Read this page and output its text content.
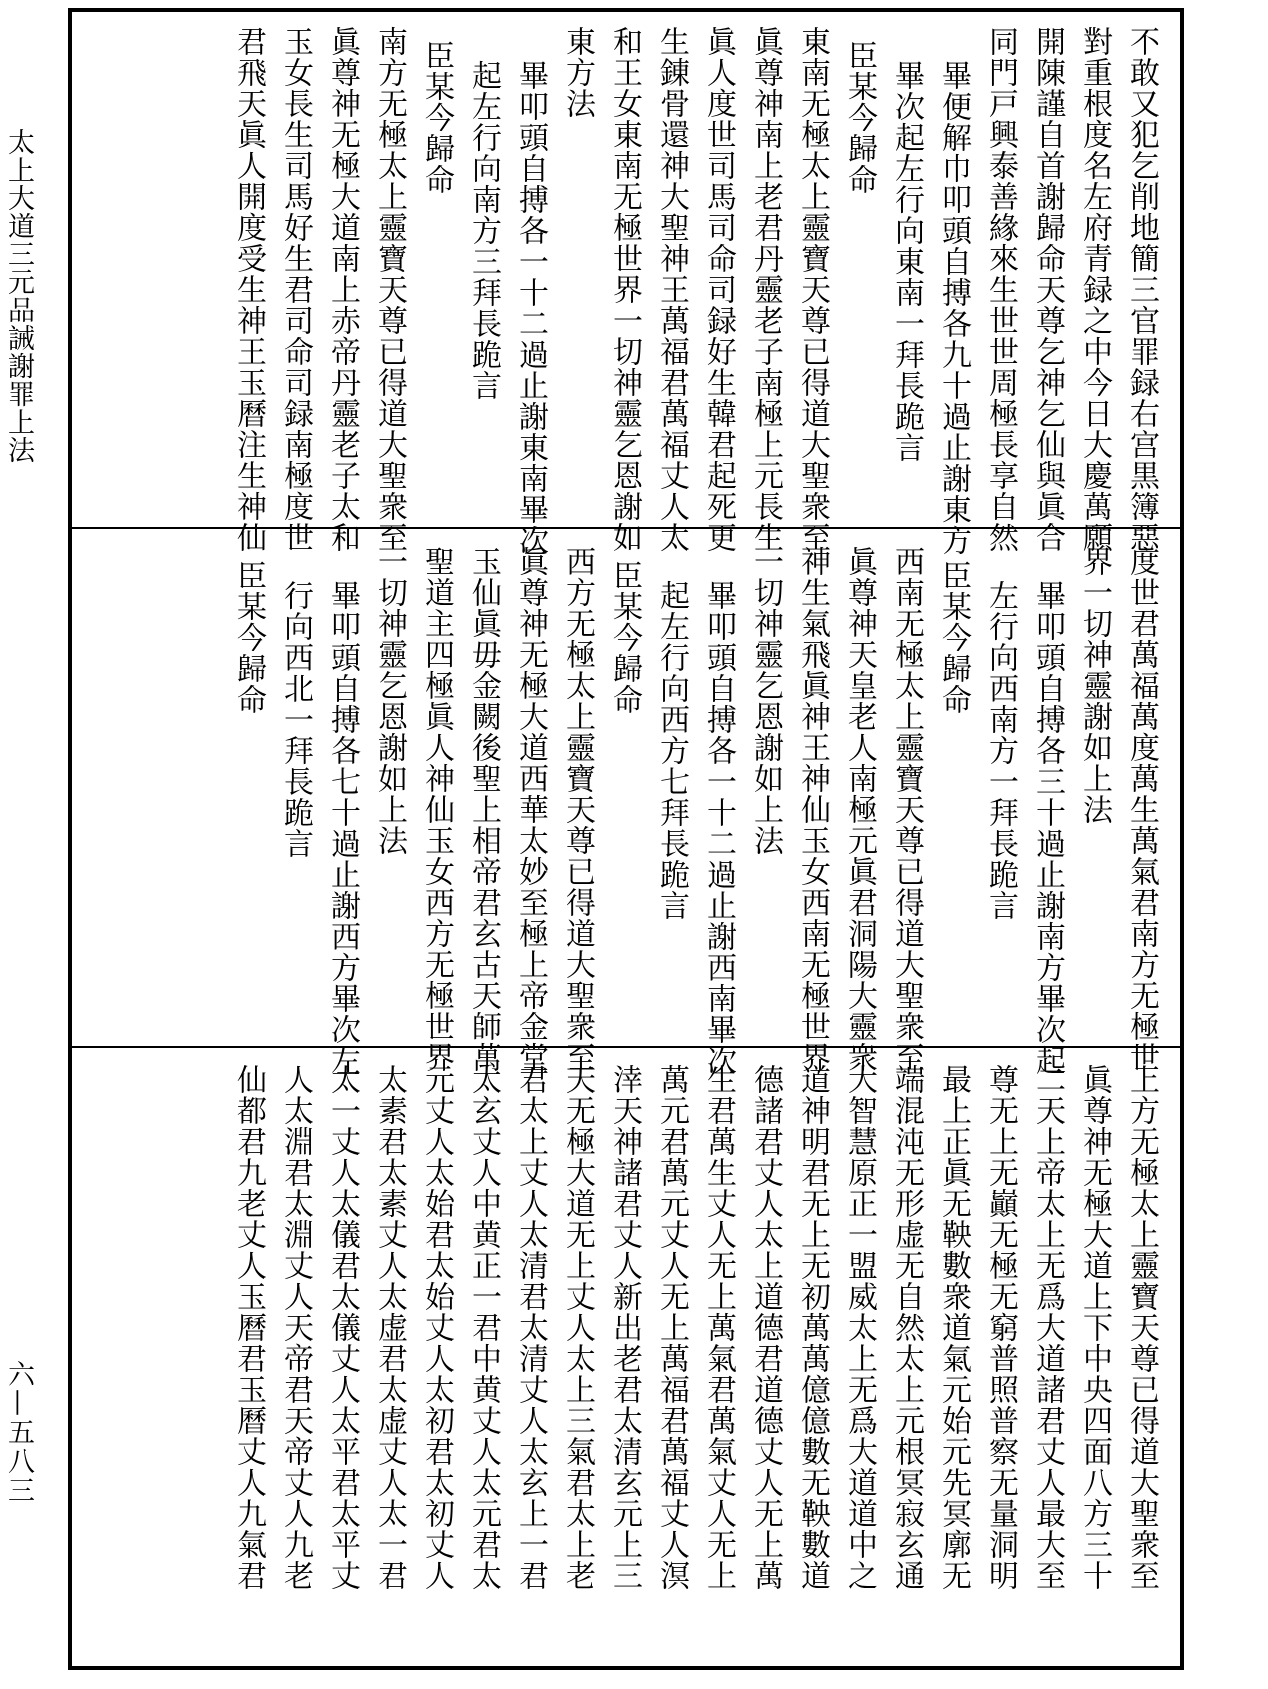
太上大道三元品誡謝罪上法
六—五八三
不敢又犯乞削地簡三官罪録右宫黒簿惡
對重根度名左府青録之中今日大慶萬願
開陳謹自首謝歸命天尊乞神乞仙與眞合
同門戸興泰善緣來生世世周極長享自然
畢便解巾叩頭自搏各九十過止謝東方
畢次起左行向東南一拜長跪言
臣某今歸命
東南无極太上靈寶天尊已得道大聖衆至
眞尊神南上老君丹靈老子南極上元長生
眞人度世司馬司命司録好生韓君起死更
生錬骨還神大聖神王萬福君萬福丈人太
和王女東南无極世界一切神靈乞恩謝如
東方法
畢叩頭自搏各一十二過止謝東南畢次
起左行向南方三拜長跪言
臣某今歸命
南方无極太上靈寶天尊已得道大聖衆至
眞尊神无極大道南上赤帝丹靈老子太和
玉女長生司馬好生君司命司録南極度世
君飛天眞人開度受生神王玉曆注生神仙
度世君萬福萬度萬生萬氣君南方无極世
界一切神靈謝如上法
畢叩頭自搏各三十過止謝南方畢次起
左行向西南方一拜長跪言
臣某今歸命
西南无極太上靈寶天尊已得道大聖衆至
眞尊神天皇老人南極元眞君洞陽大靈衆
神生氣飛眞神王神仙玉女西南无極世界
一切神靈乞恩謝如上法
畢叩頭自搏各一十二過止謝西南畢次
起左行向西方七拜長跪言
臣某今歸命
西方无極太上靈寶天尊已得道大聖衆至
眞尊神无極大道西華太妙至極上帝金堂
玉仙眞毋金闕後聖上相帝君玄古天師萬
聖道主四極眞人神仙玉女西方无極世界
一切神靈乞恩謝如上法
畢叩頭自搏各七十過止謝西方畢次左
行向西北一拜長跪言
臣某今歸命
上方无極太上靈寶天尊已得道大聖衆至
眞尊神无極大道上下中央四面八方三十
二天上帝太上无爲大道諸君丈人最大至
尊无上无巓无極无窮普照普察无量洞明
最上正眞无鞅數衆道氣元始元先冥廓无
端混沌无形虚无自然太上元根冥寂玄通
大智慧原正一盟威太上无爲大道道中之
道神明君无上无初萬萬億億數无鞅數道
德諸君丈人太上道德君道德丈人无上萬
生君萬生丈人无上萬氣君萬氣丈人无上
萬元君萬元丈人无上萬福君萬福丈人溟
涬天神諸君丈人新出老君太清玄元上三
天无極大道无上丈人太上三氣君太上老
君太上丈人太清君太清丈人太玄上一君
太玄丈人中黄正一君中黄丈人太元君太
元丈人太始君太始丈人太初君太初丈人
太素君太素丈人太虚君太虚丈人太一君
太一丈人太儀君太儀丈人太平君太平丈
人太淵君太淵丈人天帝君天帝丈人九老
仙都君九老丈人玉曆君玉曆丈人九氣君
